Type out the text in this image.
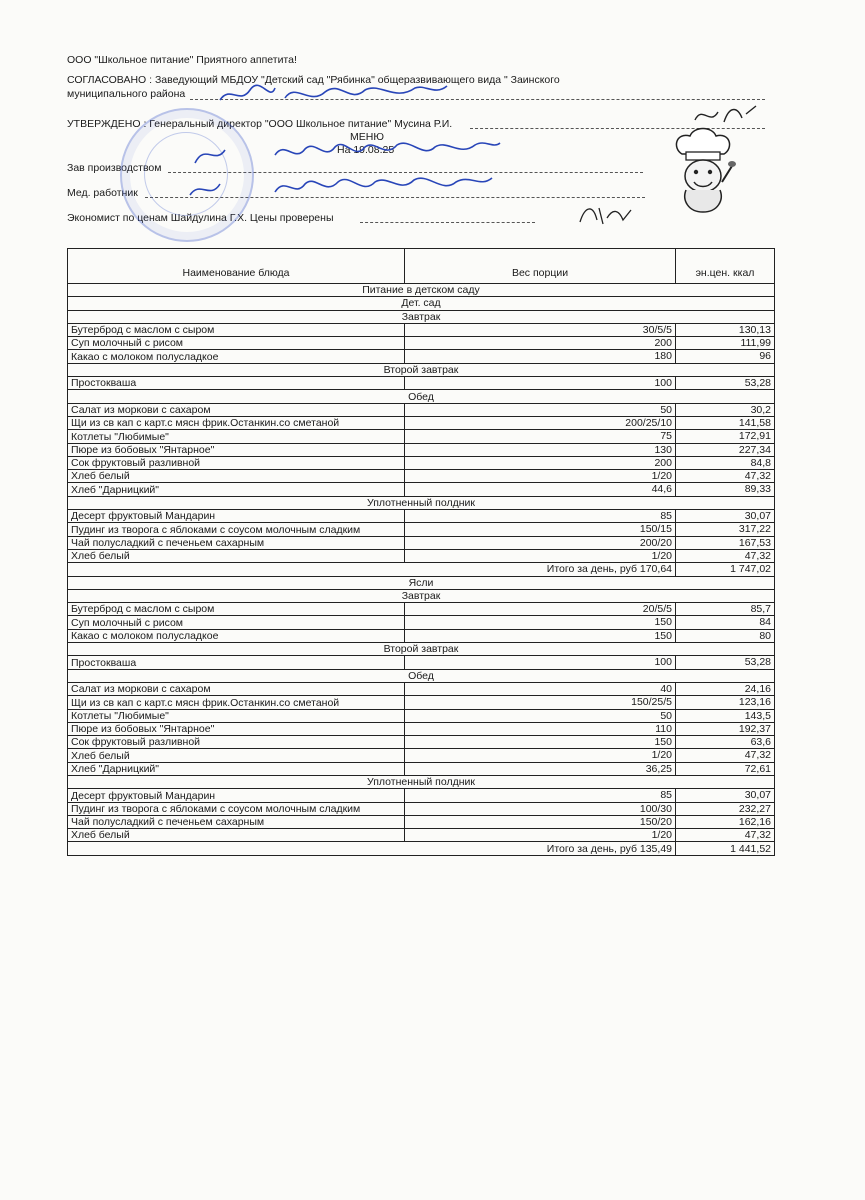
ООО "Школьное питание" Приятного аппетита!
СОГЛАСОВАНО : Заведующий МБДОУ "Детский сад "Рябинка" общеразвивающего вида " Заинского
муниципального района
УТВЕРЖДЕНО : Генеральный директор "ООО Школьное питание" Мусина Р.И.
МЕНЮ
На 19.08.25
Зав производством
Мед. работник
Экономист по ценам Шайдулина Г.Х. Цены проверены
Наименование блюда	Вес порции	эн.цен. ккал
Питание в детском саду		
Дет. сад		
Завтрак		
Бутерброд с маслом с сыром	30/5/5	130,13
Суп молочный с рисом	200	111,99
Какао с молоком полусладкое	180	96
Второй завтрак		
Простокваша	100	53,28
Обед		
Салат из моркови с сахаром	50	30,2
Щи из св кап с карт.с мясн фрик.Останкин.со сметаной	200/25/10	141,58
Котлеты "Любимые"	75	172,91
Пюре из бобовых "Янтарное"	130	227,34
Сок фруктовый разливной	200	84,8
Хлеб белый	1/20	47,32
Хлеб "Дарницкий"	44,6	89,33
Уплотненный полдник		
Десерт фруктовый Мандарин	85	30,07
Пудинг из творога с яблоками с соусом молочным сладким	150/15	317,22
Чай полусладкий с печеньем сахарным	200/20	167,53
Хлеб белый	1/20	47,32
Итого за день, руб 170,64		1 747,02
Ясли		
Завтрак		
Бутерброд с маслом с сыром	20/5/5	85,7
Суп молочный с рисом	150	84
Какао с молоком полусладкое	150	80
Второй завтрак		
Простокваша	100	53,28
Обед		
Салат из моркови с сахаром	40	24,16
Щи из св кап с карт.с мясн фрик.Останкин.со сметаной	150/25/5	123,16
Котлеты "Любимые"	50	143,5
Пюре из бобовых "Янтарное"	110	192,37
Сок фруктовый разливной	150	63,6
Хлеб белый	1/20	47,32
Хлеб "Дарницкий"	36,25	72,61
Уплотненный полдник		
Десерт фруктовый Мандарин	85	30,07
Пудинг из творога с яблоками с соусом молочным сладким	100/30	232,27
Чай полусладкий с печеньем сахарным	150/20	162,16
Хлеб белый	1/20	47,32
Итого за день, руб 135,49		1 441,52
